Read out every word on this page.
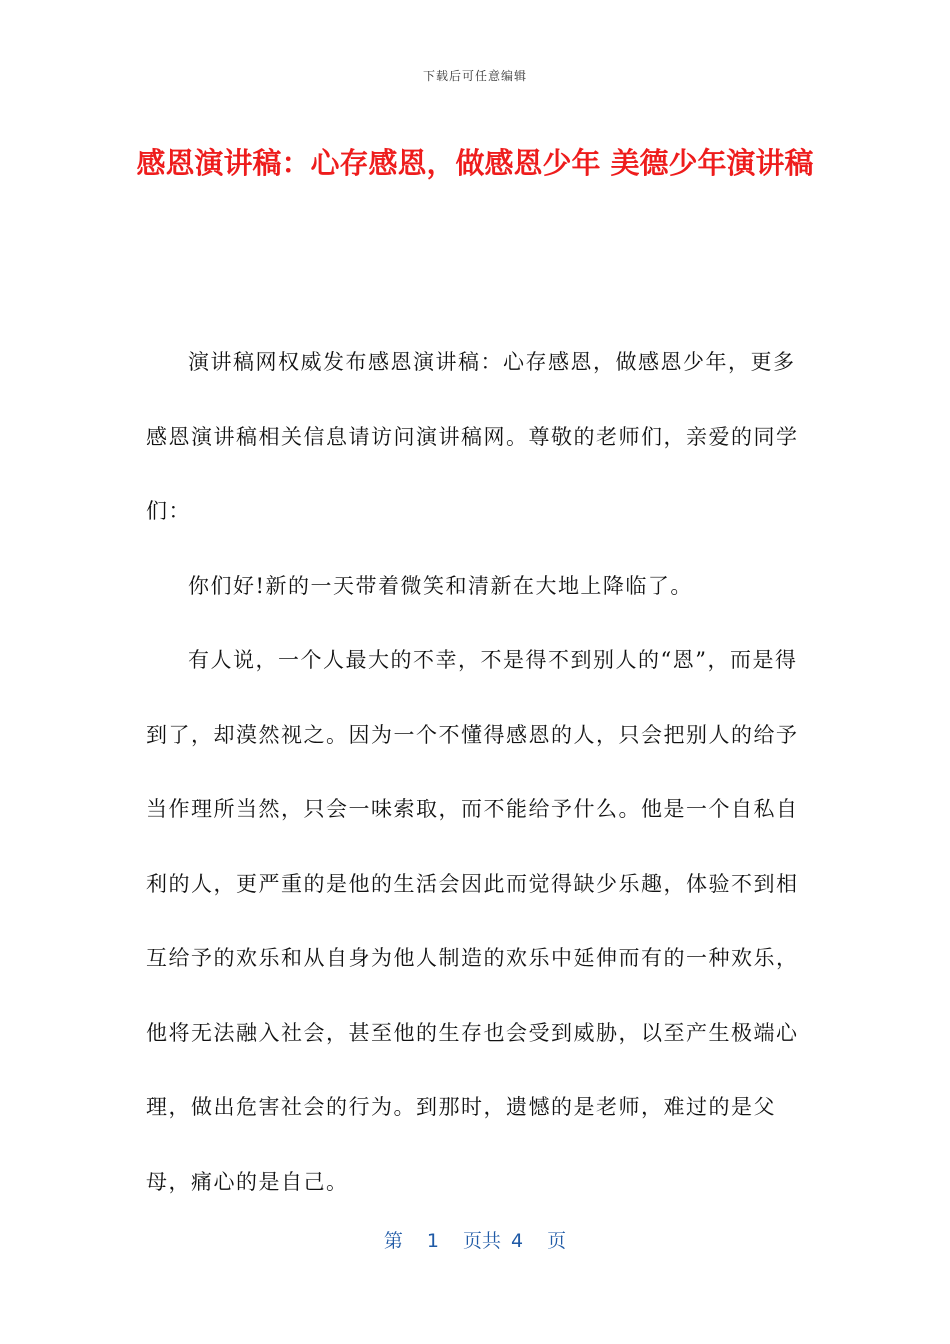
下载后可任意编辑
感恩演讲稿：心存感恩，做感恩少年 美德少年演讲稿

演讲稿网权威发布感恩演讲稿：心存感恩，做感恩少年，更多感恩演讲稿相关信息请访问演讲稿网。尊敬的老师们，亲爱的同学们：

你们好!新的一天带着微笑和清新在大地上降临了。

有人说，一个人最大的不幸，不是得不到别人的“恩”，而是得到了，却漠然视之。因为一个不懂得感恩的人，只会把别人的给予当作理所当然，只会一味索取，而不能给予什么。他是一个自私自利的人，更严重的是他的生活会因此而觉得缺少乐趣，体验不到相互给予的欢乐和从自身为他人制造的欢乐中延伸而有的一种欢乐，他将无法融入社会，甚至他的生存也会受到威胁，以至产生极端心理，做出危害社会的行为。到那时，遗憾的是老师，难过的是父母，痛心的是自己。

第 1 页共 4 页
